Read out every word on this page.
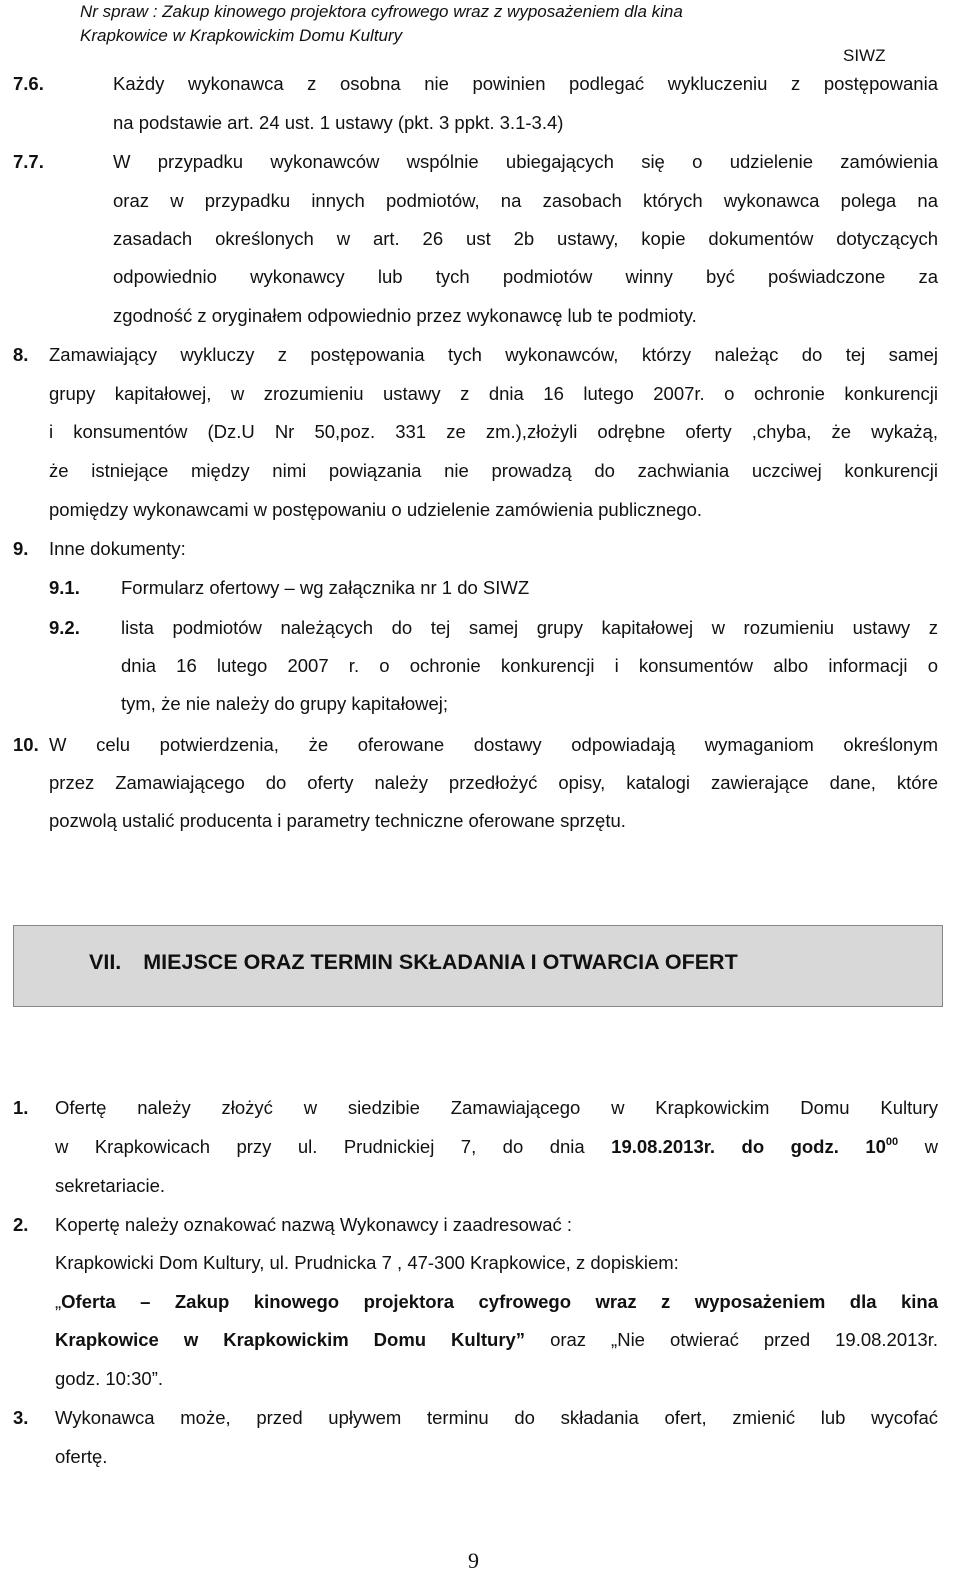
Nr spraw : Zakup kinowego projektora cyfrowego wraz z wyposażeniem dla kina
Krapkowice w Krapkowickim Domu Kultury
SIWZ
7.6.	Każdy wykonawca z osobna nie powinien podlegać wykluczeniu z postępowania
na podstawie art. 24 ust. 1 ustawy (pkt. 3 ppkt. 3.1-3.4)
7.7.	W przypadku wykonawców wspólnie ubiegających się o udzielenie zamówienia
oraz w przypadku innych podmiotów, na zasobach których wykonawca polega na
zasadach określonych w art. 26 ust 2b ustawy, kopie dokumentów dotyczących
odpowiednio wykonawcy lub tych podmiotów winny być poświadczone za
zgodność z oryginałem odpowiednio przez wykonawcę lub te podmioty.
8. Zamawiający wykluczy z postępowania tych wykonawców, którzy należąc do tej samej
grupy kapitałowej, w zrozumieniu ustawy z dnia 16 lutego 2007r. o ochronie konkurencji
i konsumentów (Dz.U Nr 50,poz. 331 ze zm.),złożyli odrębne oferty ,chyba, że wykażą,
że istniejące między nimi powiązania nie prowadzą do zachwiania uczciwej konkurencji
pomiędzy wykonawcami w postępowaniu o udzielenie zamówienia publicznego.
9. Inne dokumenty:
9.1. Formularz ofertowy – wg załącznika nr 1 do SIWZ
9.2. lista podmiotów należących do tej samej grupy kapitałowej w rozumieniu ustawy z
dnia 16 lutego 2007 r. o ochronie konkurencji i konsumentów albo informacji o
tym, że nie należy do grupy kapitałowej;
10. W celu potwierdzenia, że oferowane dostawy odpowiadają wymaganiom określonym
przez Zamawiającego do oferty należy przedłożyć opisy, katalogi zawierające dane, które
pozwolą ustalić producenta i parametry techniczne oferowane sprzętu.
VII. MIEJSCE ORAZ TERMIN SKŁADANIA I OTWARCIA OFERT
1. Ofertę należy złożyć w siedzibie Zamawiającego w Krapkowickim Domu Kultury
w Krapkowicach przy ul. Prudnickiej 7, do dnia 19.08.2013r. do godz. $10^{00}$ w
sekretariacie.
2. Kopertę należy oznakować nazwą Wykonawcy i zaadresować :
Krapkowicki Dom Kultury, ul. Prudnicka 7 , 47-300 Krapkowice, z dopiskiem:
„Oferta – Zakup kinowego projektora cyfrowego wraz z wyposażeniem dla kina
Krapkowice w Krapkowickim Domu Kultury” oraz „Nie otwierać przed 19.08.2013r.
godz. 10:30”.
3. Wykonawca może, przed upływem terminu do składania ofert, zmienić lub wycofać
ofertę.
9
